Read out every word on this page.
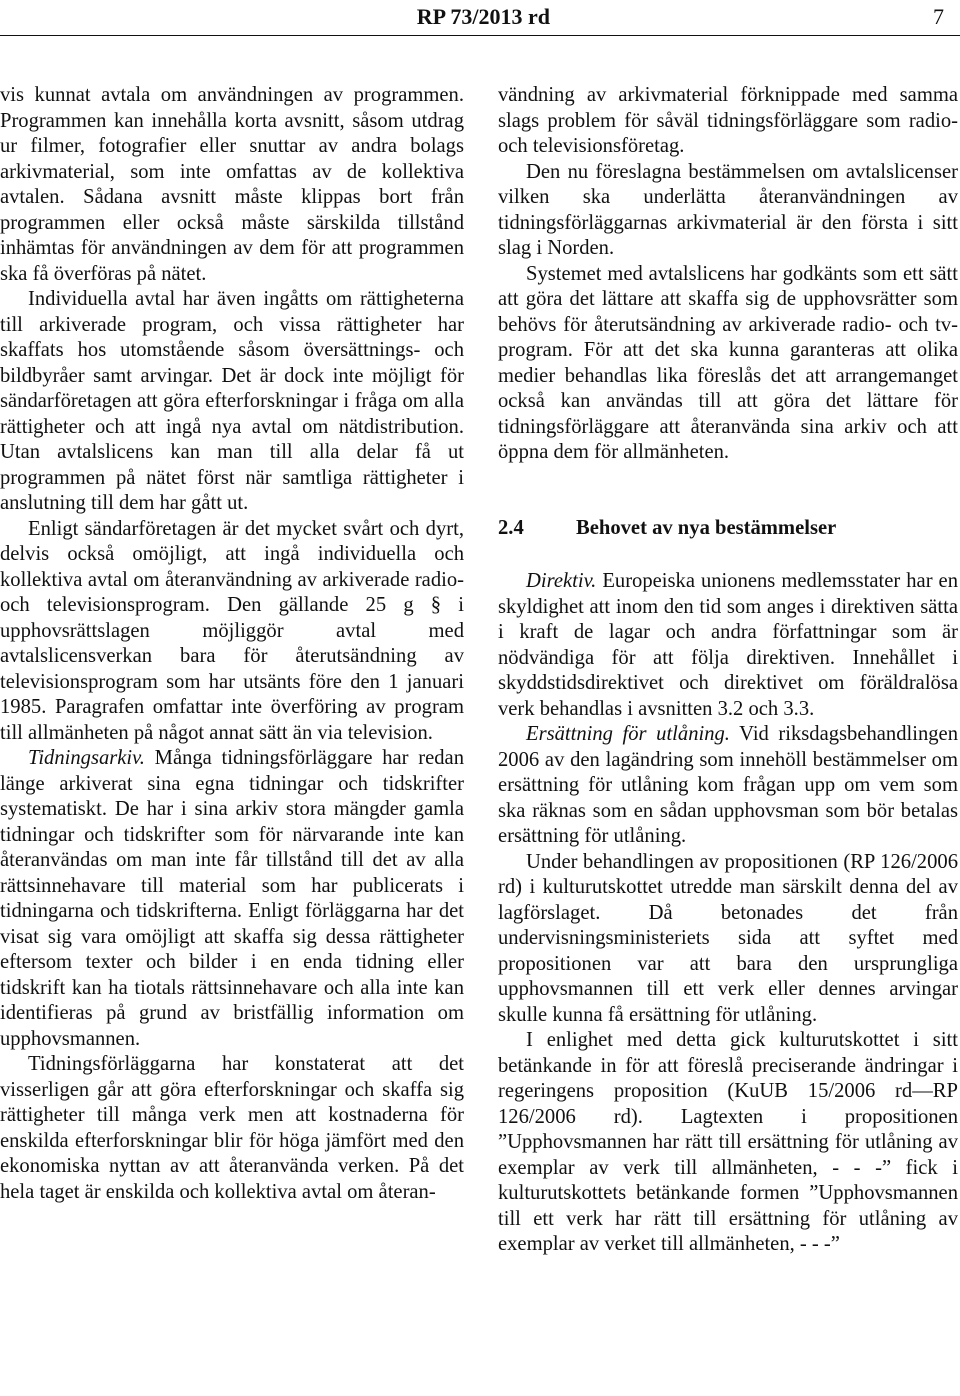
RP 73/2013 rd	7

vis kunnat avtala om användningen av programmen. Programmen kan innehålla korta avsnitt, såsom utdrag ur filmer, fotografier eller snuttar av andra bolags arkivmaterial, som inte omfattas av de kollektiva avtalen. Sådana avsnitt måste klippas bort från programmen eller också måste särskilda tillstånd inhämtas för användningen av dem för att programmen ska få överföras på nätet.

Individuella avtal har även ingåtts om rättigheterna till arkiverade program, och vissa rättigheter har skaffats hos utomstående såsom översättnings- och bildbyråer samt arvingar. Det är dock inte möjligt för sändarföretagen att göra efterforskningar i fråga om alla rättigheter och att ingå nya avtal om nätdistribution. Utan avtalslicens kan man till alla delar få ut programmen på nätet först när samtliga rättigheter i anslutning till dem har gått ut.

Enligt sändarföretagen är det mycket svårt och dyrt, delvis också omöjligt, att ingå individuella och kollektiva avtal om återanvändning av arkiverade radio- och televisionsprogram. Den gällande 25 g § i upphovsrättslagen möjliggör avtal med avtalslicensverkan bara för återutsändning av televisionsprogram som har utsänts före den 1 januari 1985. Paragrafen omfattar inte överföring av program till allmänheten på något annat sätt än via television.

Tidningsarkiv. Många tidningsförläggare har redan länge arkiverat sina egna tidningar och tidskrifter systematiskt. De har i sina arkiv stora mängder gamla tidningar och tidskrifter som för närvarande inte kan återanvändas om man inte får tillstånd till det av alla rättsinnehavare till material som har publicerats i tidningarna och tidskrifterna. Enligt förläggarna har det visat sig vara omöjligt att skaffa sig dessa rättigheter eftersom texter och bilder i en enda tidning eller tidskrift kan ha tiotals rättsinnehavare och alla inte kan identifieras på grund av bristfällig information om upphovsmannen.

Tidningsförläggarna har konstaterat att det visserligen går att göra efterforskningar och skaffa sig rättigheter till många verk men att kostnaderna för enskilda efterforskningar blir för höga jämfört med den ekonomiska nyttan av att återanvända verken. På det hela taget är enskilda och kollektiva avtal om återan-

vändning av arkivmaterial förknippade med samma slags problem för såväl tidningsförläggare som radio- och televisionsföretag.

Den nu föreslagna bestämmelsen om avtalslicenser vilken ska underlätta återanvändningen av tidningsförläggarnas arkivmaterial är den första i sitt slag i Norden.

Systemet med avtalslicens har godkänts som ett sätt att göra det lättare att skaffa sig de upphovsrätter som behövs för återutsändning av arkiverade radio- och tv-program. För att det ska kunna garanteras att olika medier behandlas lika föreslås det att arrangemanget också kan användas till att göra det lättare för tidningsförläggare att återanvända sina arkiv och att öppna dem för allmänheten.

2.4	Behovet av nya bestämmelser

Direktiv. Europeiska unionens medlemsstater har en skyldighet att inom den tid som anges i direktiven sätta i kraft de lagar och andra författningar som är nödvändiga för att följa direktiven. Innehållet i skyddstidsdirektivet och direktivet om föräldralösa verk behandlas i avsnitten 3.2 och 3.3.

Ersättning för utlåning. Vid riksdagsbehandlingen 2006 av den lagändring som innehöll bestämmelser om ersättning för utlåning kom frågan upp om vem som ska räknas som en sådan upphovsman som bör betalas ersättning för utlåning.

Under behandlingen av propositionen (RP 126/2006 rd) i kulturutskottet utredde man särskilt denna del av lagförslaget. Då betonades det från undervisningsministeriets sida att syftet med propositionen var att bara den ursprungliga upphovsmannen till ett verk eller dennes arvingar skulle kunna få ersättning för utlåning.

I enlighet med detta gick kulturutskottet i sitt betänkande in för att föreslå preciserande ändringar i regeringens proposition (KuUB 15/2006 rd—RP 126/2006 rd). Lagtexten i propositionen ”Upphovsmannen har rätt till ersättning för utlåning av exemplar av verk till allmänheten, - - -” fick i kulturutskottets betänkande formen ”Upphovsmannen till ett verk har rätt till ersättning för utlåning av exemplar av verket till allmänheten, - - -”
